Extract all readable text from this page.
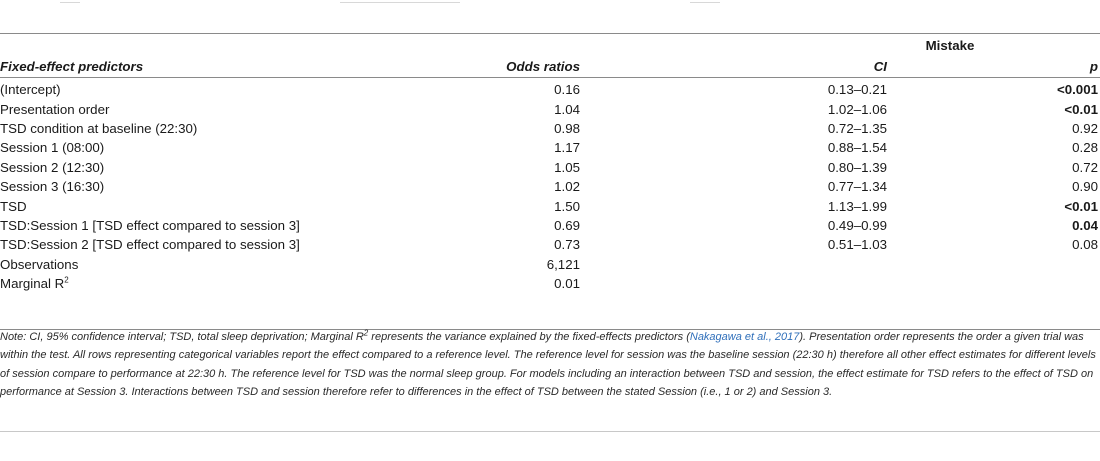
	Mistake		
Fixed-effect predictors	Odds ratios	CI	p
(Intercept)	0.16	0.13–0.21	<0.001
Presentation order	1.04	1.02–1.06	<0.01
TSD condition at baseline (22:30)	0.98	0.72–1.35	0.92
Session 1 (08:00)	1.17	0.88–1.54	0.28
Session 2 (12:30)	1.05	0.80–1.39	0.72
Session 3 (16:30)	1.02	0.77–1.34	0.90
TSD	1.50	1.13–1.99	<0.01
TSD:Session 1 [TSD effect compared to session 3]	0.69	0.49–0.99	0.04
TSD:Session 2 [TSD effect compared to session 3]	0.73	0.51–1.03	0.08
Observations	6,121		
Marginal $R^2$	0.01		
Note: CI, 95% confidence interval; TSD, total sleep deprivation; Marginal $R^2$ represents the variance explained by the fixed-effects predictors (Nakagawa et al., 2017). Presentation order represents the order a given trial was within the test. All rows representing categorical variables report the effect compared to a reference level. The reference level for session was the baseline session (22:30 h) therefore all other effect estimates for different levels of session compare to performance at 22:30 h. The reference level for TSD was the normal sleep group. For models including an interaction between TSD and session, the effect estimate for TSD refers to the effect of TSD on performance at Session 3. Interactions between TSD and session therefore refer to differences in the effect of TSD between the stated Session (i.e., 1 or 2) and Session 3.
